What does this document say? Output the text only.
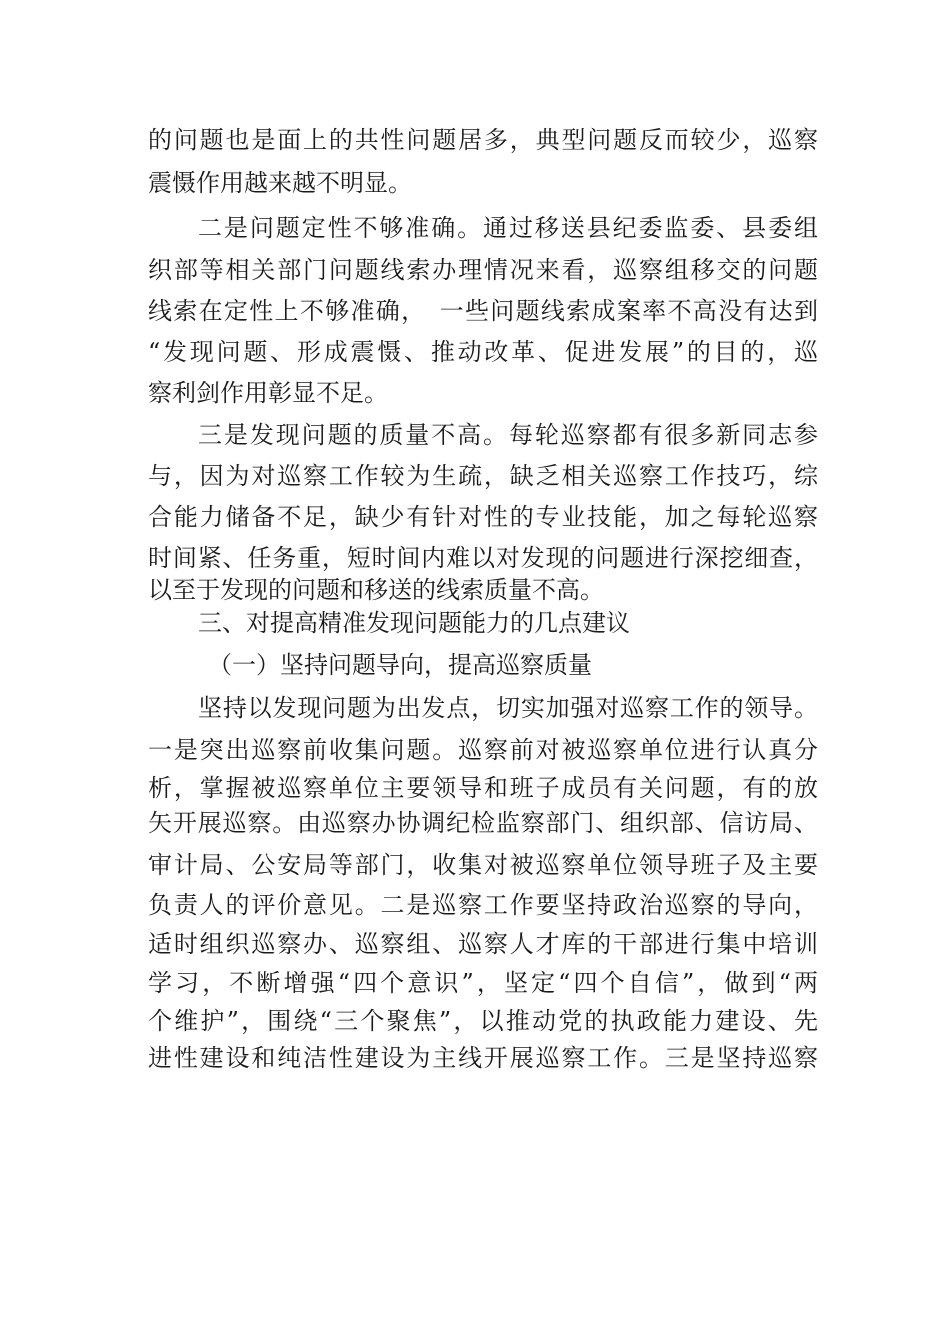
的问题也是面上的共性问题居多，典型问题反而较少，巡察
震慑作用越来越不明显。
二是问题定性不够准确。通过移送县纪委监委、县委组
织部等相关部门问题线索办理情况来看，巡察组移交的问题
线索在定性上不够准确，　一些问题线索成案率不高没有达到
“发现问题、形成震慑、推动改革、促进发展”的目的，巡
察利剑作用彰显不足。
三是发现问题的质量不高。每轮巡察都有很多新同志参
与，因为对巡察工作较为生疏，缺乏相关巡察工作技巧，综
合能力储备不足，缺少有针对性的专业技能，加之每轮巡察
时间紧、任务重，短时间内难以对发现的问题进行深挖细查，
以至于发现的问题和移送的线索质量不高。
三、对提高精准发现问题能力的几点建议
（一）坚持问题导向，提高巡察质量
坚持以发现问题为出发点，切实加强对巡察工作的领导。
一是突出巡察前收集问题。巡察前对被巡察单位进行认真分
析，掌握被巡察单位主要领导和班子成员有关问题，有的放
矢开展巡察。由巡察办协调纪检监察部门、组织部、信访局、
审计局、公安局等部门，收集对被巡察单位领导班子及主要
负责人的评价意见。二是巡察工作要坚持政治巡察的导向，
适时组织巡察办、巡察组、巡察人才库的干部进行集中培训
学习，不断增强“四个意识”，坚定“四个自信”，做到“两
个维护”，围绕“三个聚焦”，以推动党的执政能力建设、先
进性建设和纯洁性建设为主线开展巡察工作。三是坚持巡察
